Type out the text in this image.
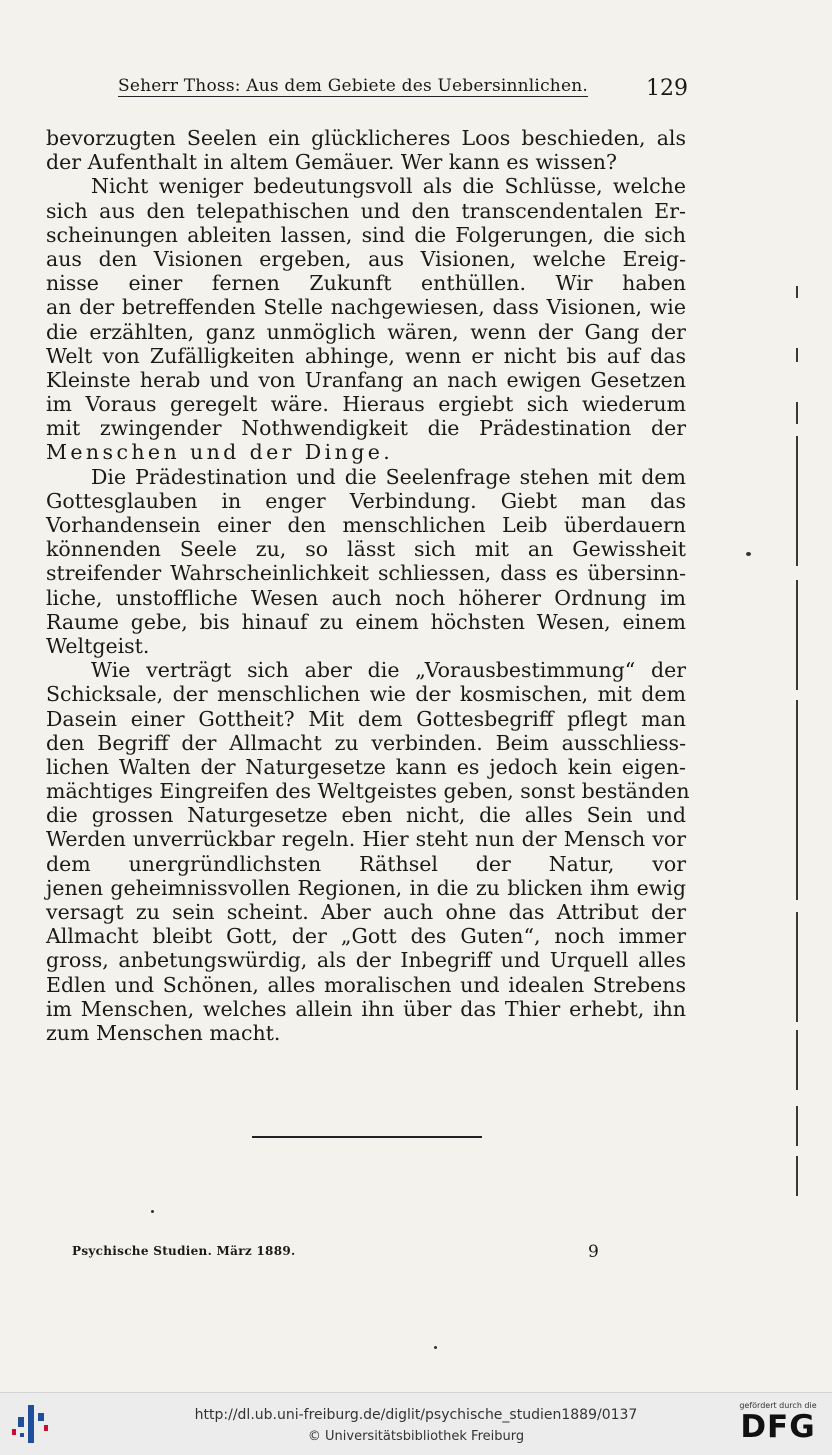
Seherr Thoss: Aus dem Gebiete des Uebersinnlichen.	129
bevorzugten Seelen ein glücklicheres Loos beschieden, als
der Aufenthalt in altem Gemäuer. Wer kann es wissen?
Nicht weniger bedeutungsvoll als die Schlüsse, welche
sich aus den telepathischen und den transcendentalen Er-
scheinungen ableiten lassen, sind die Folgerungen, die sich
aus den Visionen ergeben, aus Visionen, welche Ereig-
nisse einer fernen Zukunft enthüllen. Wir haben
an der betreffenden Stelle nachgewiesen, dass Visionen, wie
die erzählten, ganz unmöglich wären, wenn der Gang der
Welt von Zufälligkeiten abhinge, wenn er nicht bis auf das
Kleinste herab und von Uranfang an nach ewigen Gesetzen
im Voraus geregelt wäre. Hieraus ergiebt sich wiederum
mit zwingender Nothwendigkeit die Prädestination der
Menschen und der Dinge.
Die Prädestination und die Seelenfrage stehen mit dem
Gottesglauben in enger Verbindung. Giebt man das
Vorhandensein einer den menschlichen Leib überdauern
könnenden Seele zu, so lässt sich mit an Gewissheit
streifender Wahrscheinlichkeit schliessen, dass es übersinn-
liche, unstoffliche Wesen auch noch höherer Ordnung im
Raume gebe, bis hinauf zu einem höchsten Wesen, einem
Weltgeist.
Wie verträgt sich aber die „Vorausbestimmung“ der
Schicksale, der menschlichen wie der kosmischen, mit dem
Dasein einer Gottheit? Mit dem Gottesbegriff pflegt man
den Begriff der Allmacht zu verbinden. Beim ausschliess-
lichen Walten der Naturgesetze kann es jedoch kein eigen-
mächtiges Eingreifen des Weltgeistes geben, sonst beständen
die grossen Naturgesetze eben nicht, die alles Sein und
Werden unverrückbar regeln. Hier steht nun der Mensch vor
dem unergründlichsten Räthsel der Natur, vor
jenen geheimnissvollen Regionen, in die zu blicken ihm ewig
versagt zu sein scheint. Aber auch ohne das Attribut der
Allmacht bleibt Gott, der „Gott des Guten“, noch immer
gross, anbetungswürdig, als der Inbegriff und Urquell alles
Edlen und Schönen, alles moralischen und idealen Strebens
im Menschen, welches allein ihn über das Thier erhebt, ihn
zum Menschen macht.
Psychische Studien. März 1889.	9
http://dl.ub.uni-freiburg.de/diglit/psychische_studien1889/0137
© Universitätsbibliothek Freiburg
gefördert durch die
DFG
